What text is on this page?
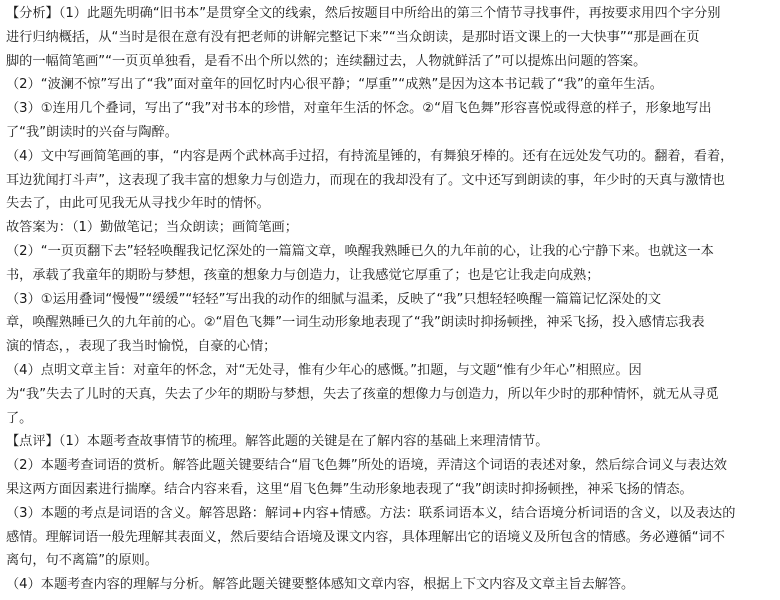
【分析】（1）此题先明确“旧书本”是贯穿全文的线索，然后按题目中所给出的第三个情节寻找事件，再按要求用四个字分别
进行归纳概括，从“当时是很在意有没有把老师的讲解完整记下来”“当众朗读，是那时语文课上的一大快事”“那是画在页
脚的一幅简笔画”“一页页单独看，是看不出个所以然的；连续翻过去，人物就鲜活了”可以提炼出问题的答案。
（2）“波澜不惊”写出了“我”面对童年的回忆时内心很平静；“厚重”“成熟”是因为这本书记载了“我”的童年生活。
（3）①连用几个叠词，写出了“我”对书本的珍惜，对童年生活的怀念。②“眉飞色舞”形容喜悦或得意的样子，形象地写出
了“我”朗读时的兴奋与陶醉。
（4）文中写画简笔画的事，“内容是两个武林高手过招，有持流星锤的，有舞狼牙棒的。还有在远处发气功的。翻着，看着，
耳边犹闻打斗声”，这表现了我丰富的想象力与创造力，而现在的我却没有了。文中还写到朗读的事，年少时的天真与激情也
失去了，由此可见我无从寻找少年时的情怀。
故答案为：（1）勤做笔记；当众朗读；画简笔画；
（2）“一页页翻下去”轻轻唤醒我记忆深处的一篇篇文章，唤醒我熟睡已久的九年前的心，让我的心宁静下来。也就这一本
书，承载了我童年的期盼与梦想，孩童的想象力与创造力，让我感觉它厚重了；也是它让我走向成熟；
（3）①运用叠词“慢慢”“缓缓”“轻轻”写出我的动作的细腻与温柔，反映了“我”只想轻轻唤醒一篇篇记忆深处的文
章，唤醒熟睡已久的九年前的心。②“眉色飞舞”一词生动形象地表现了“我”朗读时抑扬顿挫，神采飞扬，投入感情忘我表
演的情态，，表现了我当时愉悦，自豪的心情；
（4）点明文章主旨：对童年的怀念，对“无处寻，惟有少年心的感慨。”扣题，与文题“惟有少年心”相照应。因
为“我”失去了儿时的天真，失去了少年的期盼与梦想，失去了孩童的想像力与创造力，所以年少时的那种情怀，就无从寻觅
了。
【点评】（1）本题考查故事情节的梳理。解答此题的关键是在了解内容的基础上来理清情节。
（2）本题考查词语的赏析。解答此题关键要结合“眉飞色舞”所处的语境，弄清这个词语的表述对象，然后综合词义与表达效
果这两方面因素进行揣摩。结合内容来看，这里“眉飞色舞”生动形象地表现了“我”朗读时抑扬顿挫，神采飞扬的情态。
（3）本题的考点是词语的含义。解答思路：解词+内容+情感。方法：联系词语本义，结合语境分析词语的含义，以及表达的
感情。理解词语一般先理解其表面义，然后要结合语境及课文内容，具体理解出它的语境义及所包含的情感。务必遵循“词不
离句，句不离篇”的原则。
（4）本题考查内容的理解与分析。解答此题关键要整体感知文章内容，根据上下文内容及文章主旨去解答。
